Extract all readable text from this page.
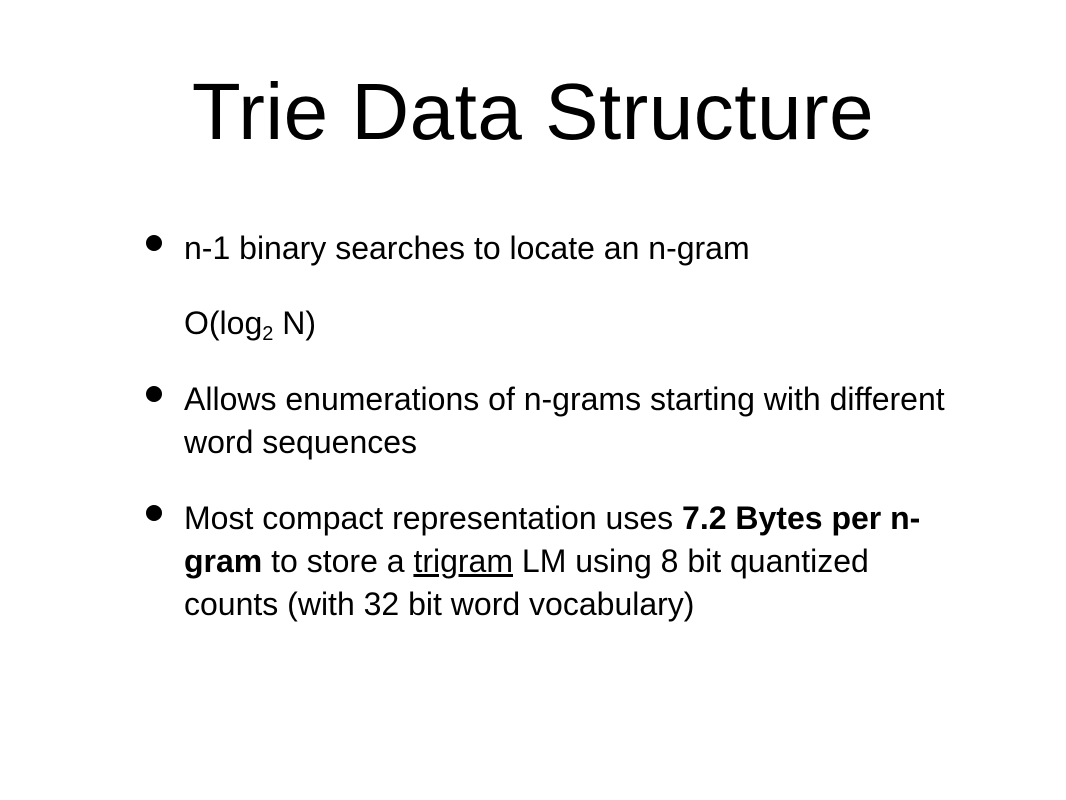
Trie Data Structure
n-1 binary searches to locate an n-gram
$O(\log_2$ N)
Allows enumerations of n-grams starting with different word sequences
Most compact representation uses 7.2 Bytes per n-gram to store a trigram LM using 8 bit quantized counts (with 32 bit word vocabulary)
